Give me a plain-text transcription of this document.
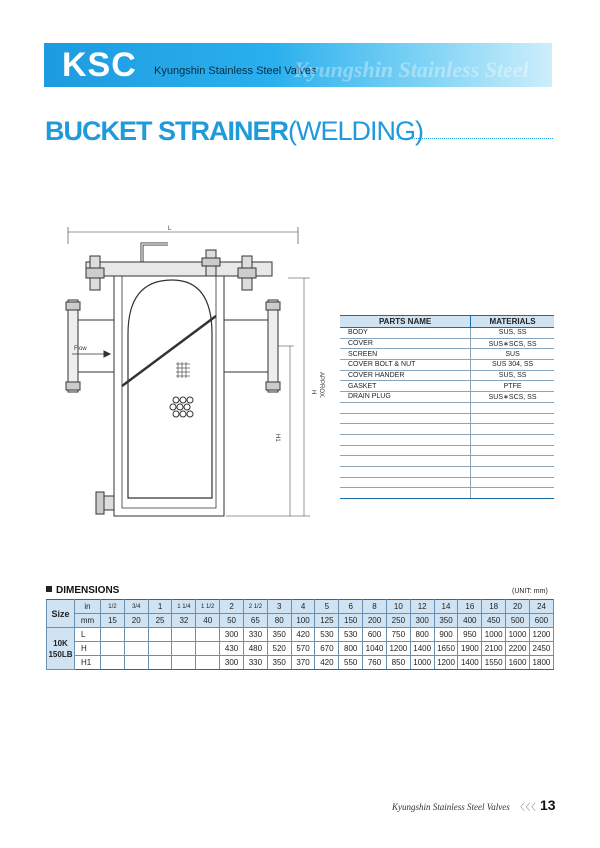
KSC Kyungshin Stainless Steel Valves
Kyungshin Stainless Steel
BUCKET STRAINER(WELDING)
L
Flow
H APPROX.
H1
PARTS NAME	MATERIALS
BODY	SUS, SS
COVER	SUS∗SCS, SS
SCREEN	SUS
COVER BOLT & NUT	SUS 304, SS
COVER HANDER	SUS, SS
GASKET	PTFE
DRAIN PLUG	SUS∗SCS, SS

DIMENSIONS	(UNIT: mm)
Size	in	1/2	3/4	1	1 1/4	1 1/2	2	2 1/2	3	4	5	6	8	10	12	14	16	18	20	24
	mm	15	20	25	32	40	50	65	80	100	125	150	200	250	300	350	400	450	500	600
10K
150LB	L						300	330	350	420	530	530	600	750	800	900	950	1000	1000	1200
	H						430	480	520	570	670	800	1040	1200	1400	1650	1900	2100	2200	2450
	H1						300	330	350	370	420	550	760	850	1000	1200	1400	1550	1600	1800
Kyungshin Stainless Steel Valves 〈〈〈 13
